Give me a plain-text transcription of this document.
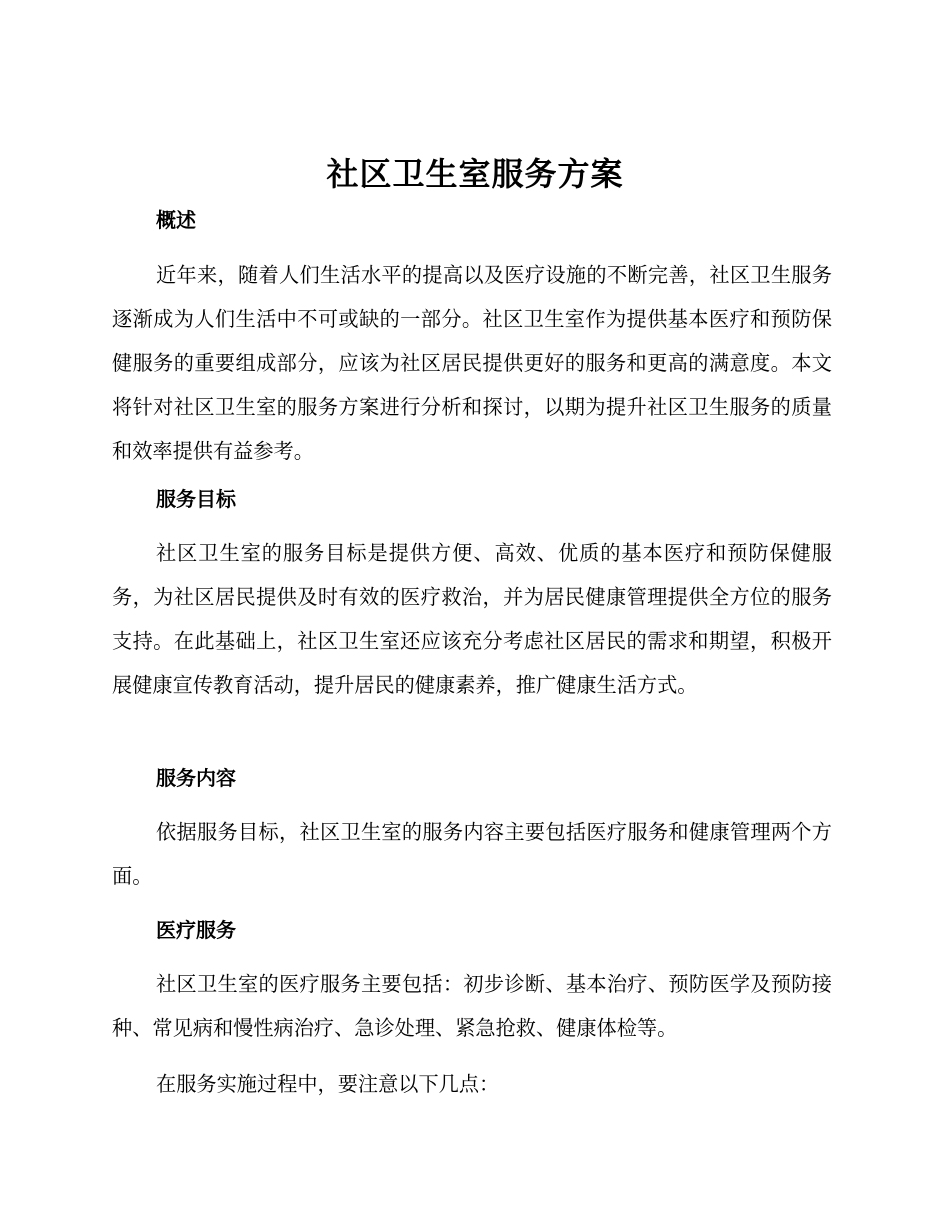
社区卫生室服务方案
概述

近年来，随着人们生活水平的提高以及医疗设施的不断完善，社区卫生服务逐渐成为人们生活中不可或缺的一部分。社区卫生室作为提供基本医疗和预防保健服务的重要组成部分，应该为社区居民提供更好的服务和更高的满意度。本文将针对社区卫生室的服务方案进行分析和探讨，以期为提升社区卫生服务的质量和效率提供有益参考。

服务目标

社区卫生室的服务目标是提供方便、高效、优质的基本医疗和预防保健服务，为社区居民提供及时有效的医疗救治，并为居民健康管理提供全方位的服务支持。在此基础上，社区卫生室还应该充分考虑社区居民的需求和期望，积极开展健康宣传教育活动，提升居民的健康素养，推广健康生活方式。

服务内容

依据服务目标，社区卫生室的服务内容主要包括医疗服务和健康管理两个方面。

医疗服务

社区卫生室的医疗服务主要包括：初步诊断、基本治疗、预防医学及预防接种、常见病和慢性病治疗、急诊处理、紧急抢救、健康体检等。

在服务实施过程中，要注意以下几点：
